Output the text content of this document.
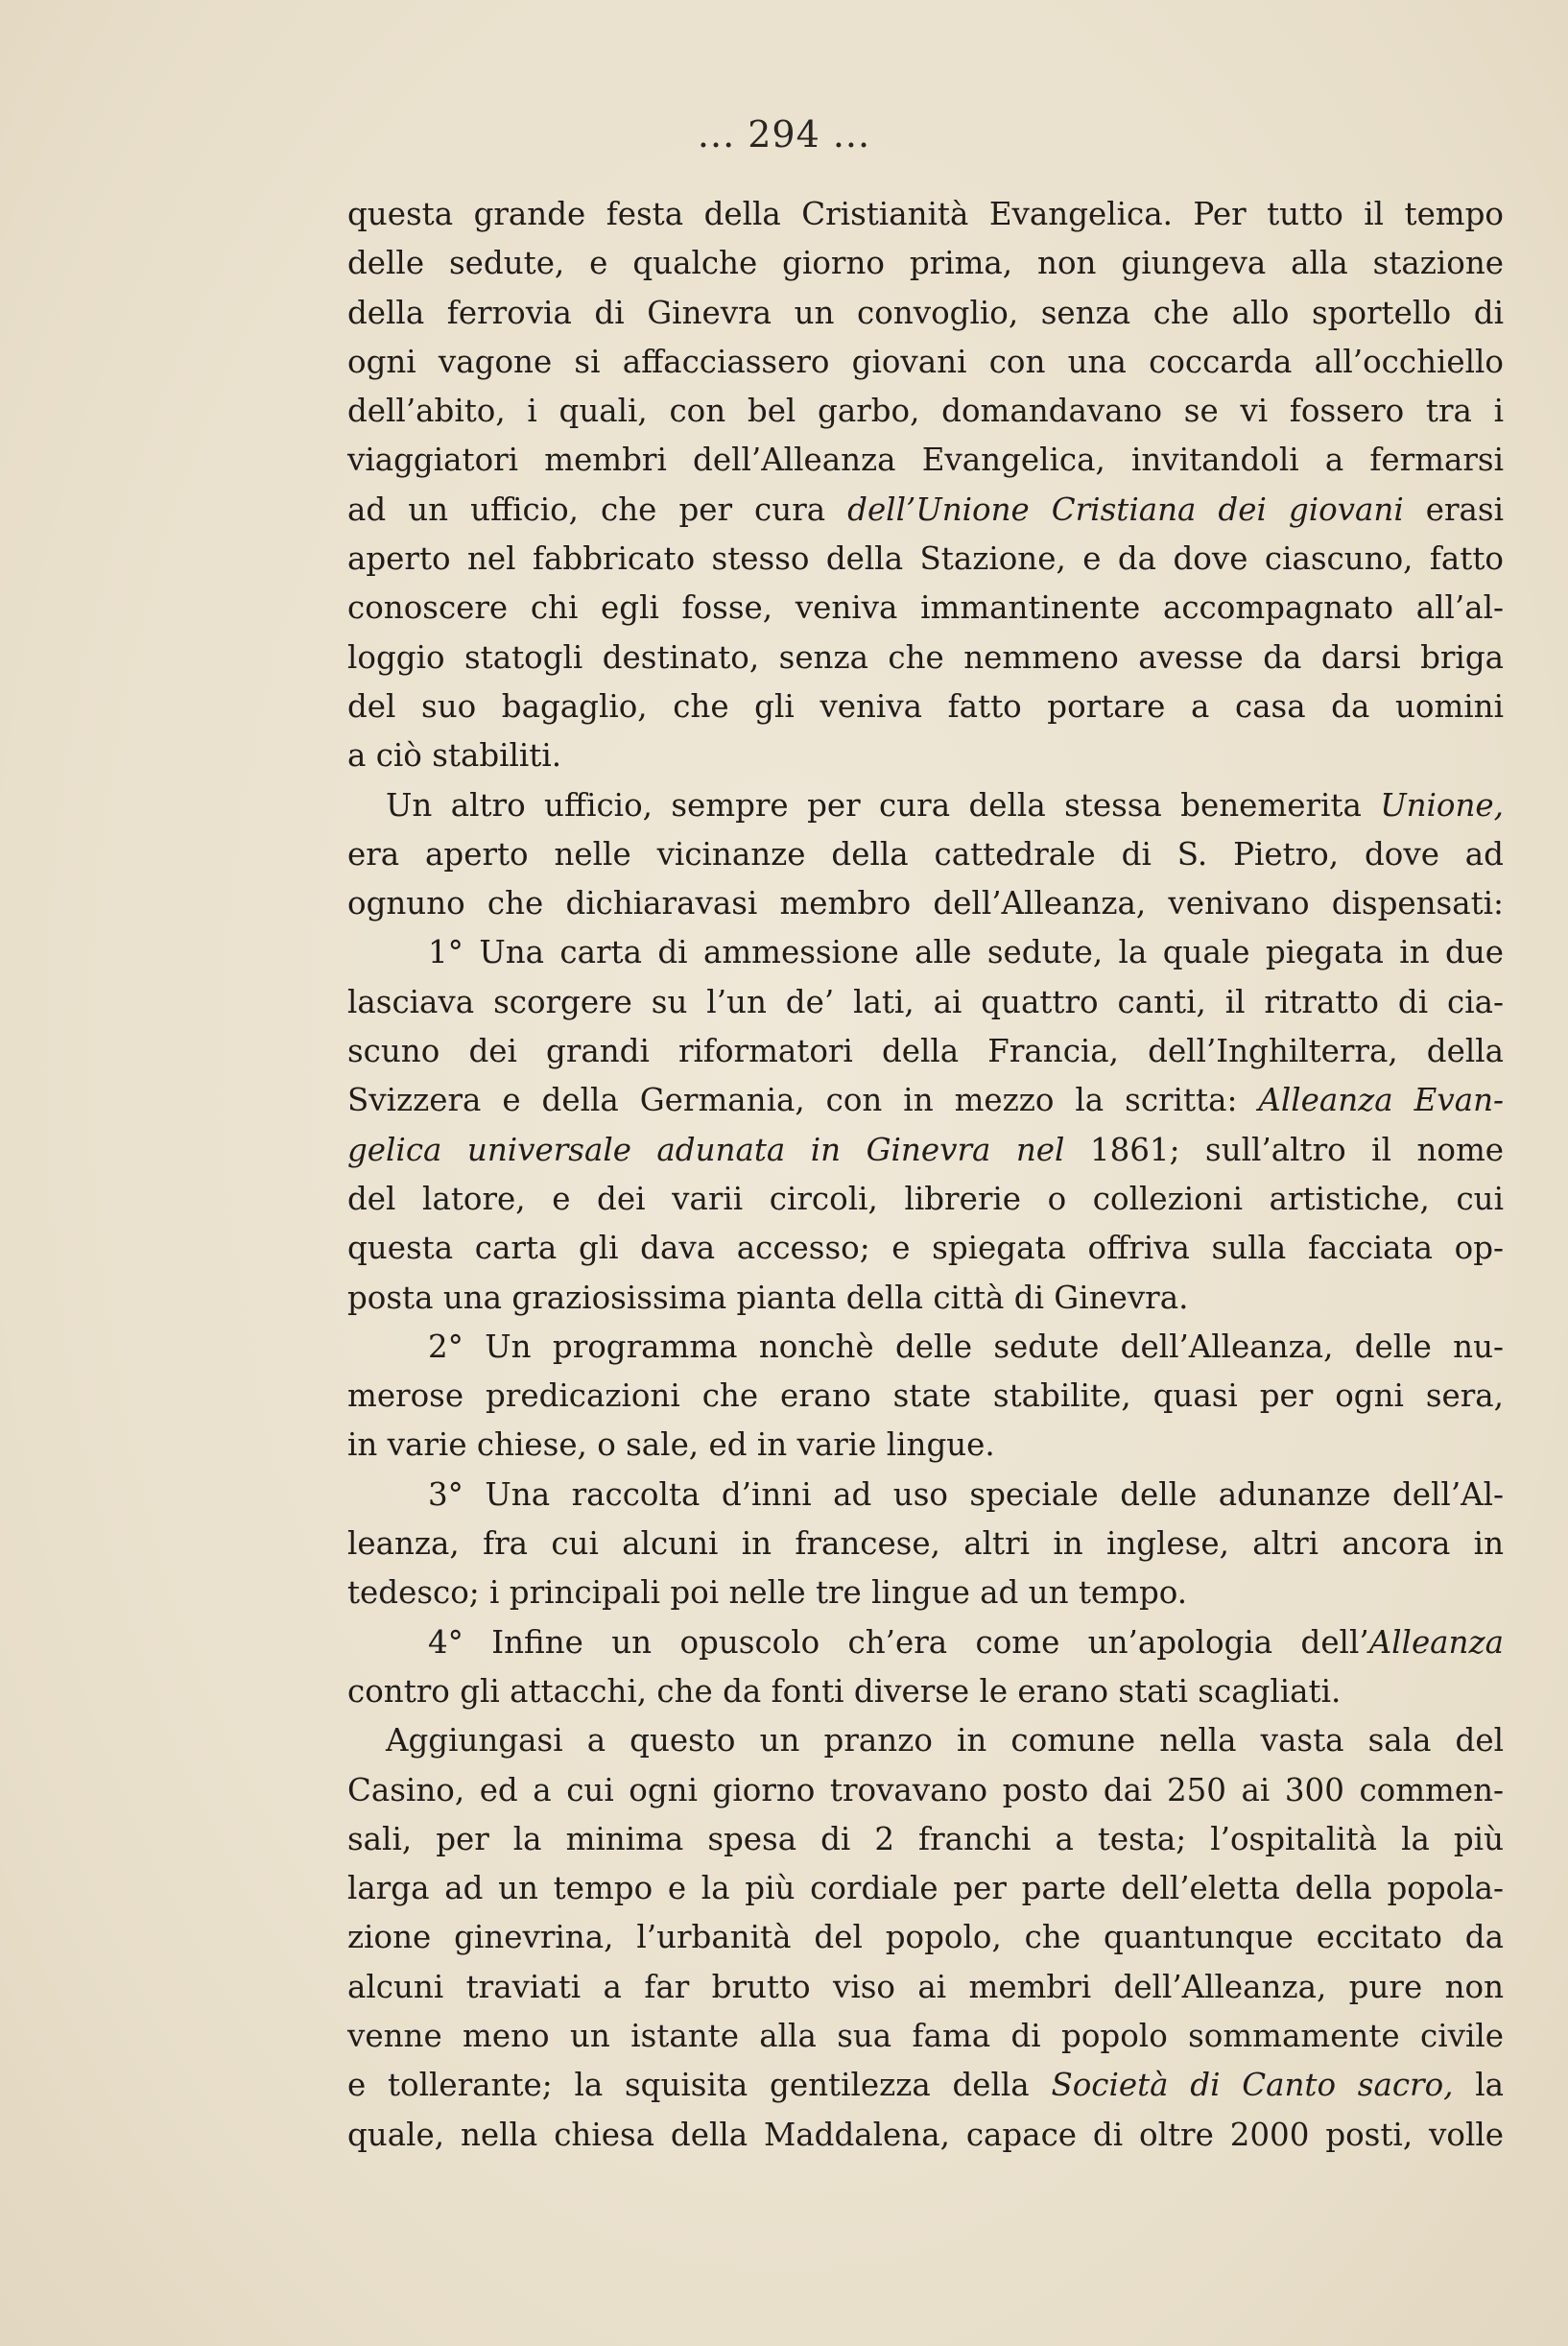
... 294 ...
questa grande festa della Cristianità Evangelica. Per tutto il tempo
delle sedute, e qualche giorno prima, non giungeva alla stazione
della ferrovia di Ginevra un convoglio, senza che allo sportello di
ogni vagone si affacciassero giovani con una coccarda all’occhiello
dell’abito, i quali, con bel garbo, domandavano se vi fossero tra i
viaggiatori membri dell’Alleanza Evangelica, invitandoli a fermarsi
ad un ufficio, che per cura dell’Unione Cristiana dei giovani erasi
aperto nel fabbricato stesso della Stazione, e da dove ciascuno, fatto
conoscere chi egli fosse, veniva immantinente accompagnato all’al-
loggio statogli destinato, senza che nemmeno avesse da darsi briga
del suo bagaglio, che gli veniva fatto portare a casa da uomini
a ciò stabiliti.
Un altro ufficio, sempre per cura della stessa benemerita Unione,
era aperto nelle vicinanze della cattedrale di S. Pietro, dove ad
ognuno che dichiaravasi membro dell’Alleanza, venivano dispensati:
1° Una carta di ammessione alle sedute, la quale piegata in due
lasciava scorgere su l’un de’ lati, ai quattro canti, il ritratto di cia-
scuno dei grandi riformatori della Francia, dell’Inghilterra, della
Svizzera e della Germania, con in mezzo la scritta: Alleanza Evan-
gelica universale adunata in Ginevra nel 1861; sull’altro il nome
del latore, e dei varii circoli, librerie o collezioni artistiche, cui
questa carta gli dava accesso; e spiegata offriva sulla facciata op-
posta una graziosissima pianta della città di Ginevra.
2° Un programma nonchè delle sedute dell’Alleanza, delle nu-
merose predicazioni che erano state stabilite, quasi per ogni sera,
in varie chiese, o sale, ed in varie lingue.
3° Una raccolta d’inni ad uso speciale delle adunanze dell’Al-
leanza, fra cui alcuni in francese, altri in inglese, altri ancora in
tedesco; i principali poi nelle tre lingue ad un tempo.
4° Infine un opuscolo ch’era come un’apologia dell’Alleanza
contro gli attacchi, che da fonti diverse le erano stati scagliati.
Aggiungasi a questo un pranzo in comune nella vasta sala del
Casino, ed a cui ogni giorno trovavano posto dai 250 ai 300 commen-
sali, per la minima spesa di 2 franchi a testa; l’ospitalità la più
larga ad un tempo e la più cordiale per parte dell’eletta della popola-
zione ginevrina, l’urbanità del popolo, che quantunque eccitato da
alcuni traviati a far brutto viso ai membri dell’Alleanza, pure non
venne meno un istante alla sua fama di popolo sommamente civile
e tollerante; la squisita gentilezza della Società di Canto sacro, la
quale, nella chiesa della Maddalena, capace di oltre 2000 posti, volle
